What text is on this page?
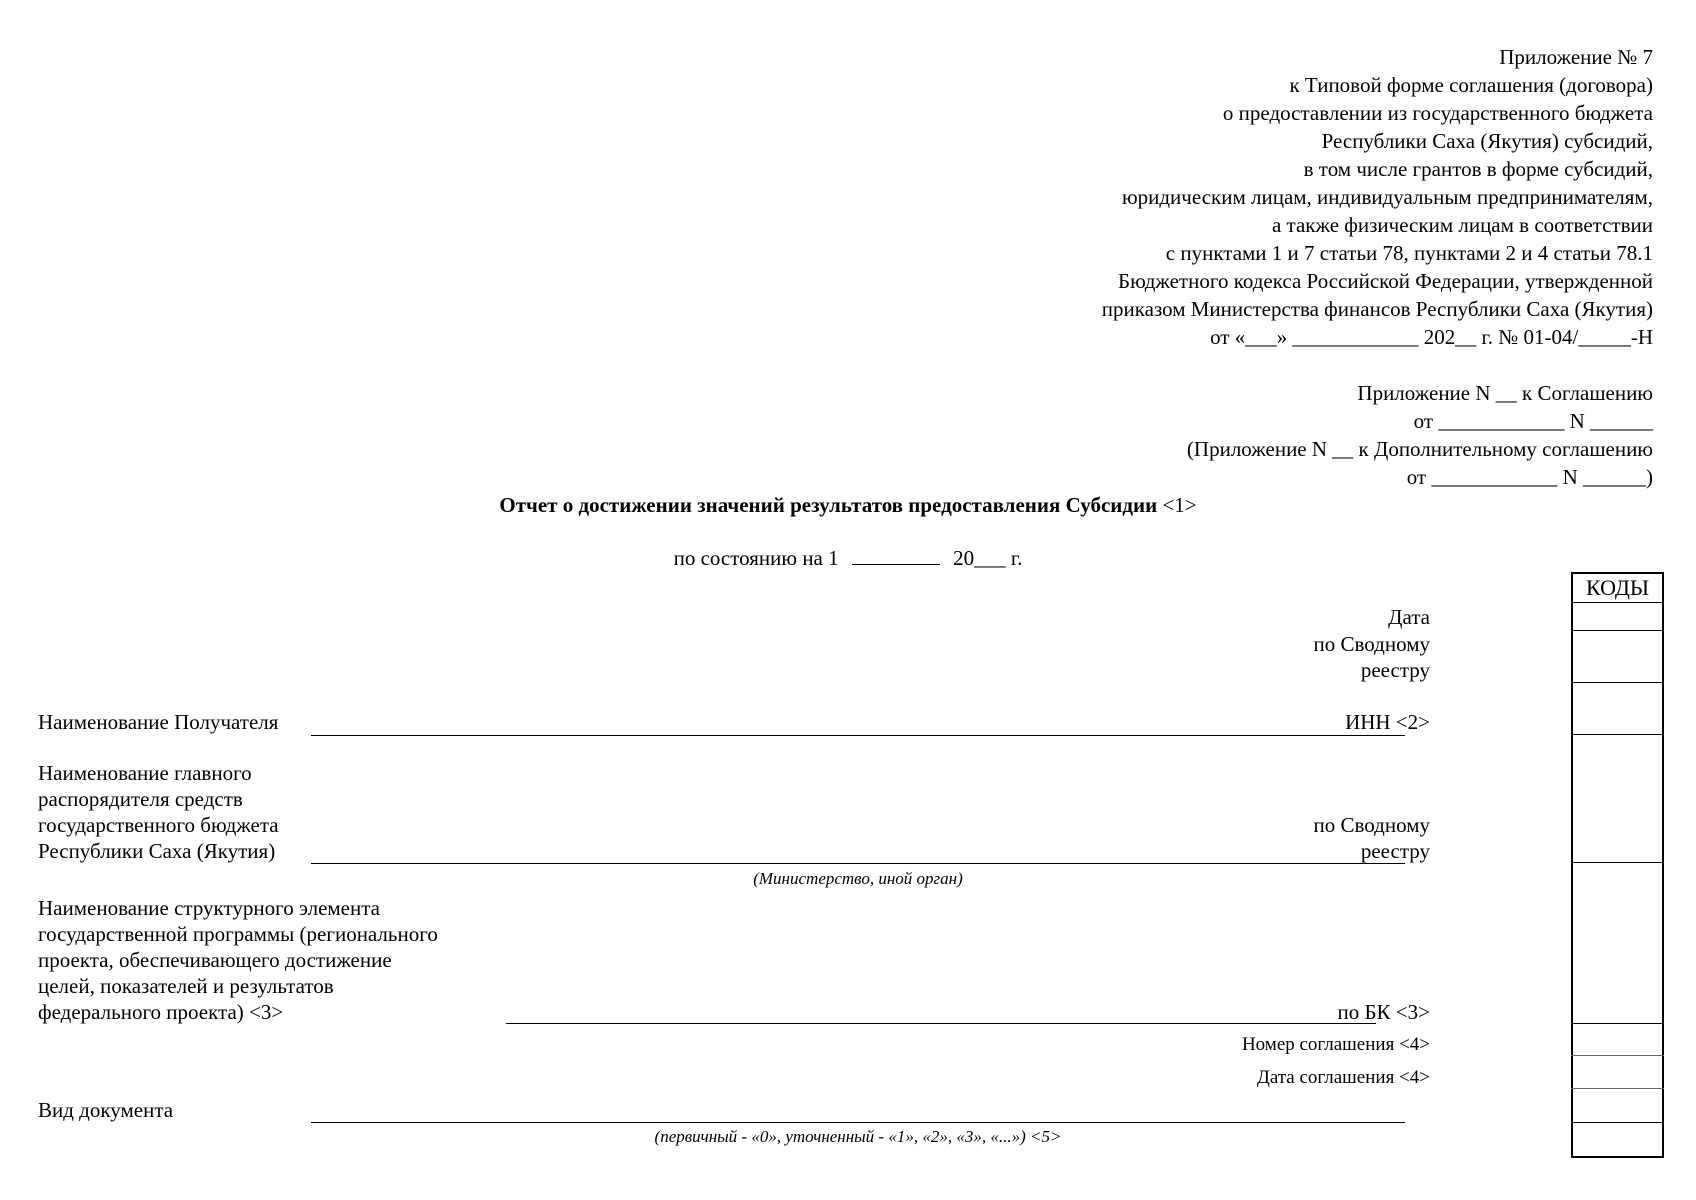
Приложение № 7
к Типовой форме соглашения (договора)
о предоставлении из государственного бюджета
Республики Саха (Якутия) субсидий,
в том числе грантов в форме субсидий,
юридическим лицам, индивидуальным предпринимателям,
а также физическим лицам в соответствии
с пунктами 1 и 7 статьи 78, пунктами 2 и 4 статьи 78.1
Бюджетного кодекса Российской Федерации, утвержденной
приказом Министерства финансов Республики Саха (Якутия)
от «___» ____________ 202__ г. № 01-04/_____-Н
Приложение N __ к Соглашению
от ____________ N ______
(Приложение N __ к Дополнительному соглашению
от ____________ N ______)
Отчет о достижении значений результатов предоставления Субсидии <1>
по состоянию на 1	20___ г.
КОДЫ
Дата
по Сводному
реестру
ИНН <2>
по Сводному
реестру
по БК <3>
Номер соглашения <4>
Дата соглашения <4>
Наименование Получателя
Наименование главного
распорядителя средств
государственного бюджета
Республики Саха (Якутия)
(Министерство, иной орган)
Наименование структурного элемента
государственной программы (регионального
проекта, обеспечивающего достижение
целей, показателей и результатов
федерального проекта) <3>
Вид документа
(первичный - «0», уточненный - «1», «2», «3», «...») <5>
